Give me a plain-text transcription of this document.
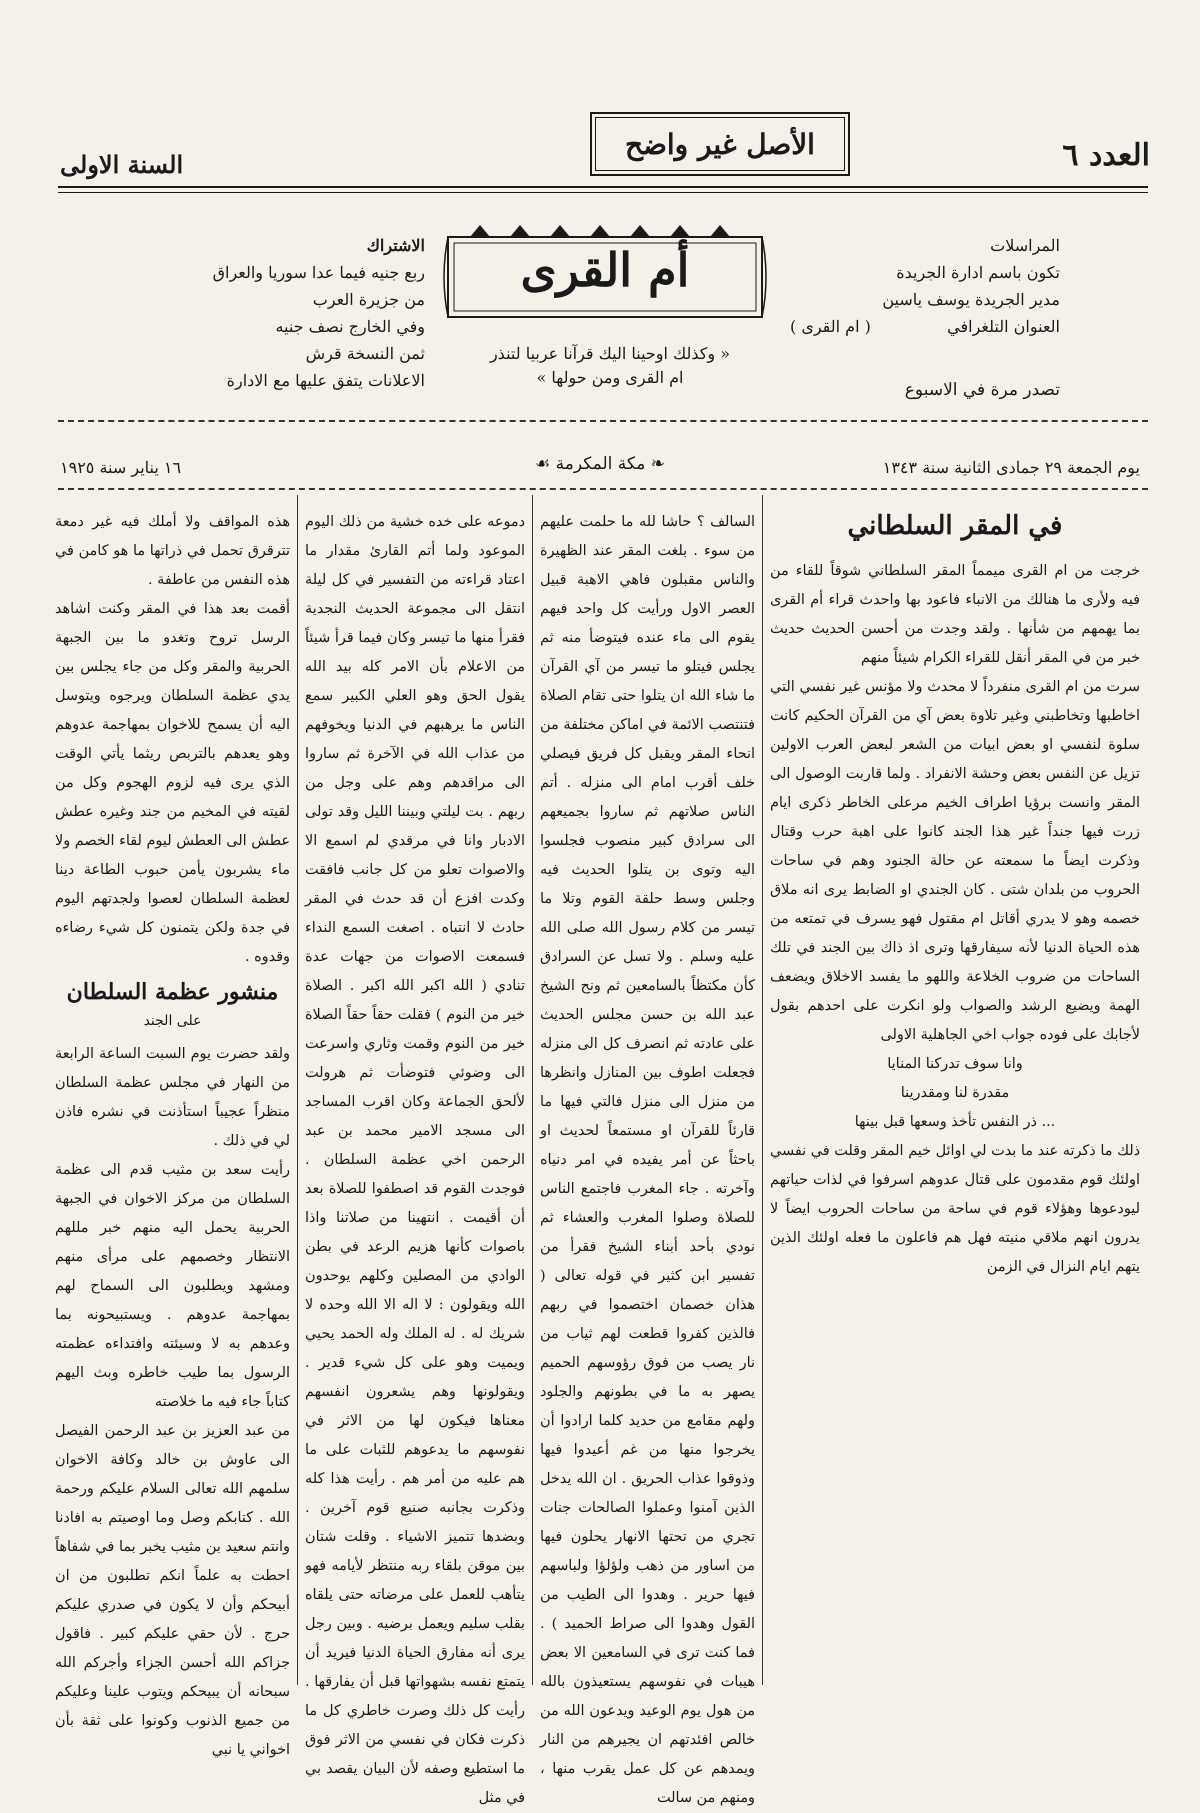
العدد ٦
الأصل غير واضح
السنة الاولى
المراسلات
تكون باسم ادارة الجريدة
مدير الجريدة يوسف ياسين
العنوان التلغرافي
( ام القرى )
تصدر مرة في الاسبوع
أم القرى
« وكذلك اوحينا اليك قرآنا عربيا لتنذر
ام القرى ومن حولها »
الاشتراك
ربع جنيه فيما عدا سوريا والعراق
من جزيرة العرب
وفي الخارج نصف جنيه
ثمن النسخة قرش
الاعلانات يتفق عليها مع الادارة
يوم الجمعة ٢٩ جمادى الثانية سنة ١٣٤٣
❧ مكة المكرمة ☙
١٦ يناير سنة ١٩٢٥
في المقر السلطاني

خرجت من ام القرى ميمماً المقر السلطاني شوقاً للقاء من فيه ولأرى ما هنالك من الانباء فاعود بها واحدث قراء أم القرى بما يهمهم من شأنها . ولقد وجدت من أحسن الحديث حديث خبر من في المقر أنقل للقراء الكرام شيئاً منهم

سرت من ام القرى منفرداً لا محدث ولا مؤنس غير نفسي التي اخاطبها وتخاطبني وغير تلاوة بعض آي من القرآن الحكيم كانت سلوة لنفسي او بعض ابيات من الشعر لبعض العرب الاولين تزيل عن النفس بعض وحشة الانفراد . ولما قاربت الوصول الى المقر وانست برؤيا اطراف الخيم مرعلى الخاطر ذكرى ايام زرت فيها جنداً غير هذا الجند كانوا على اهبة حرب وقتال وذكرت ايضاً ما سمعته عن حالة الجنود وهم في ساحات الحروب من بلدان شتى . كان الجندي او الضابط يرى انه ملاق خصمه وهو لا يدري أقاتل ام مقتول فهو يسرف في تمتعه من هذه الحياة الدنيا لأنه سيفارقها وترى اذ ذاك بين الجند في تلك الساحات من ضروب الخلاعة واللهو ما يفسد الاخلاق ويضعف الهمة ويضيع الرشد والصواب ولو انكرت على احدهم بقول لأجابك على فوده جواب اخي الجاهلية الاولى

وانا سوف تدركنا المنايا

مقدرة لنا ومقدرينا

... ذر النفس تأخذ وسعها قبل بينها

ذلك ما ذكرته عند ما بدت لي اوائل خيم المقر وقلت في نفسي اولئك قوم مقدمون على قتال عدوهم اسرفوا في لذات حياتهم ليودعوها وهؤلاء قوم في ساحة من ساحات الحروب ايضاً لا يدرون انهم ملاقي منيته فهل هم فاعلون ما فعله اولئك الذين يتهم ايام النزال في الزمن

السالف ؟ حاشا لله ما حلمت عليهم من سوء . بلغت المقر عند الظهيرة والناس مقبلون فاهي الاهبة قبيل العصر الاول ورأيت كل واحد فيهم يقوم الى ماء عنده فيتوضأ منه ثم يجلس فيتلو ما تيسر من آي القرآن ما شاء الله ان يتلوا حتى تقام الصلاة فتنتصب الائمة في اماكن مختلفة من انحاء المقر ويقبل كل فريق فيصلي خلف أقرب امام الى منزله . أتم الناس صلاتهم ثم ساروا بجميعهم الى سرادق كبير منصوب فجلسوا اليه وتوى بن يتلوا الحديث فيه وجلس وسط حلقة القوم وتلا ما تيسر من كلام رسول الله صلى الله عليه وسلم . ولا تسل عن السرادق كأن مكتظاً بالسامعين ثم ونح الشيخ عبد الله بن حسن مجلس الحديث على عادته ثم انصرف كل الى منزله فجعلت اطوف بين المنازل وانظرها من منزل الى منزل فالتي فيها ما قارئاً للقرآن او مستمعاً لحديث او باحثاً عن أمر يفيده في امر دنياه وآخرته . جاء المغرب فاجتمع الناس للصلاة وصلوا المغرب والعشاء ثم نودي بأحد أبناء الشيخ فقرأ من تفسير ابن كثير في قوله تعالى ( هذان خصمان اختصموا في ربهم فالذين كفروا قطعت لهم ثياب من نار يصب من فوق رؤوسهم الحميم يصهر به ما في بطونهم والجلود ولهم مقامع من حديد كلما ارادوا أن يخرجوا منها من غم أعيدوا فيها وذوقوا عذاب الحريق . ان الله يدخل الذين آمنوا وعملوا الصالحات جنات تجري من تحتها الانهار يحلون فيها من اساور من ذهب ولؤلؤا ولباسهم فيها حرير . وهدوا الى الطيب من القول وهدوا الى صراط الحميد ) . فما كنت ترى في السامعين الا بعض هيبات في نفوسهم يستعيذون بالله من هول يوم الوعيد ويدعون الله من خالص افئدتهم ان يجيرهم من النار ويمدهم عن كل عمل يقرب منها ، ومنهم من سالت

دموعه على خده خشية من ذلك اليوم الموعود ولما أتم القارئ مقدار ما اعتاد قراءته من التفسير في كل ليلة انتقل الى مجموعة الحديث النجدية فقرأ منها ما تيسر وكان فيما قرأ شيئاً من الاعلام بأن الامر كله بيد الله يقول الحق وهو العلي الكبير سمع الناس ما يرهبهم في الدنيا ويخوفهم من عذاب الله في الآخرة ثم ساروا الى مراقدهم وهم على وجل من ربهم . بت ليلتي وبيننا الليل وقد تولى الادبار وانا في مرقدي لم اسمع الا والاصوات تعلو من كل جانب فافقت وكدت افزع أن قد حدث في المقر حادث لا انتباه . اصغت السمع النداء فسمعت الاصوات من جهات عدة تنادي ( الله اكبر الله اكبر . الصلاة خير من النوم ) فقلت حقاً حقاً الصلاة خير من النوم وقمت وثاري واسرعت الى وضوئي فتوضأت ثم هرولت لألحق الجماعة وكان اقرب المساجد الى مسجد الامير محمد بن عبد الرحمن اخي عظمة السلطان . فوجدت القوم قد اصطفوا للصلاة بعد أن أقيمت . انتهينا من صلاتنا واذا باصوات كأنها هزيم الرعد في بطن الوادي من المصلين وكلهم يوحدون الله ويقولون : لا اله الا الله وحده لا شريك له . له الملك وله الحمد يحيي ويميت وهو على كل شيء قدير . ويقولونها وهم يشعرون انفسهم معناها فيكون لها من الاثر في نفوسهم ما يدعوهم للثبات على ما هم عليه من أمر هم . رأيت هذا كله وذكرت بجانبه صنيع قوم آخرين . وبضدها تتميز الاشياء . وقلت شتان بين موقن بلقاء ربه منتظر لأيامه فهو يتأهب للعمل على مرضاته حتى يلقاه بقلب سليم ويعمل برضيه . وبين رجل يرى أنه مفارق الحياة الدنيا فيريد أن يتمتع نفسه بشهواتها قبل أن يفارقها . رأيت كل ذلك وصرت خاطري كل ما ذكرت فكان في نفسي من الاثر فوق ما استطيع وصفه لأن البيان يقصد بي في مثل

هذه المواقف ولا أملك فيه غير دمعة تترقرق تحمل في ذراتها ما هو كامن في هذه النفس من عاطفة .

أقمت بعد هذا في المقر وكنت اشاهد الرسل تروح وتغدو ما بين الجبهة الحربية والمقر وكل من جاء يجلس بين يدي عظمة السلطان ويرجوه ويتوسل اليه أن يسمح للاخوان بمهاجمة عدوهم وهو يعدهم بالتربص ريثما يأتي الوقت الذي يرى فيه لزوم الهجوم وكل من لقيته في المخيم من جند وغيره عطش عطش الى العطش ليوم لقاء الخصم ولا ماء يشربون يأمن حبوب الطاعة دينا لعظمة السلطان لعصوا ولجدتهم اليوم في جدة ولكن يتمنون كل شيء رضاءه وقدوه .

منشور عظمة السلطان
على الجند

ولقد حضرت يوم السبت الساعة الرابعة من النهار في مجلس عظمة السلطان منظراً عجيباً استأذنت في نشره فاذن لي في ذلك .

رأيت سعد بن مثيب قدم الى عظمة السلطان من مركز الاخوان في الجبهة الحربية يحمل اليه منهم خبر مللهم الانتظار وخصمهم على مرأى منهم ومشهد ويطلبون الى السماح لهم بمهاجمة عدوهم . ويستبيحونه بما وعدهم به لا وسيئته وافتداءه عظمته الرسول بما طيب خاطره وبث اليهم كتاباً جاء فيه ما خلاصته

من عبد العزيز بن عبد الرحمن الفيصل الى عاوش بن خالد وكافة الاخوان سلمهم الله تعالى السلام عليكم ورحمة الله . كتابكم وصل وما اوصيتم به افادنا وانتم سعيد بن مثيب يخبر بما في شفاهاً احطت به علماً انكم تطلبون من ان أبيحكم وأن لا يكون في صدري عليكم حرج . لأن حقي عليكم كبير . فاقول جزاكم الله أحسن الجزاء وأجركم الله سبحانه أن يبيحكم ويتوب علينا وعليكم من جميع الذنوب وكونوا على ثقة بأن اخواني يا نبي
